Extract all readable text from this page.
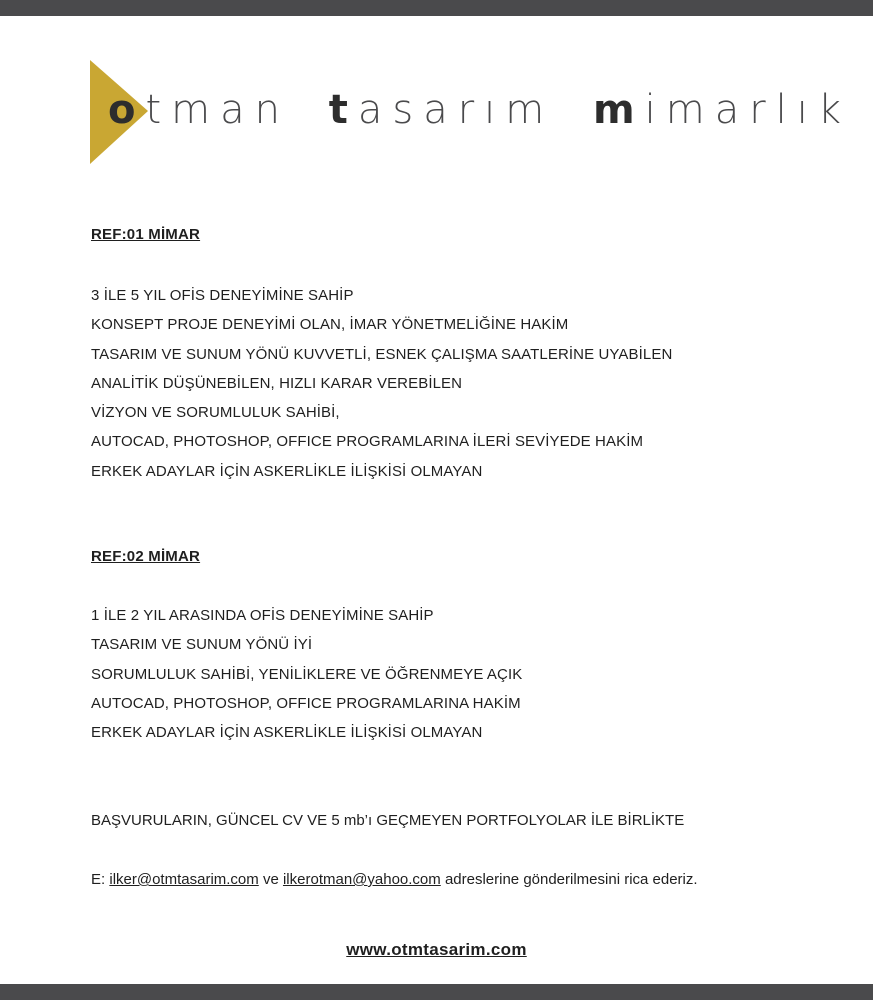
otman tasarım mimarlık
REF:01 MİMAR
3 İLE 5 YIL OFİS DENEYİMİNE SAHİP
KONSEPT PROJE DENEYİMİ OLAN, İMAR YÖNETMELİĞİNE HAKİM
TASARIM VE SUNUM YÖNÜ KUVVETLİ, ESNEK ÇALIŞMA SAATLERİNE UYABİLEN
ANALİTİK DÜŞÜNEBİLEN, HIZLI KARAR VEREBİLEN
VİZYON VE SORUMLULUK SAHİBİ,
AUTOCAD, PHOTOSHOP, OFFICE PROGRAMLARINA İLERİ SEVİYEDE HAKİM
ERKEK ADAYLAR İÇİN ASKERLİKLE İLİŞKİSİ OLMAYAN
REF:02 MİMAR
1 İLE 2 YIL ARASINDA OFİS DENEYİMİNE SAHİP
TASARIM VE SUNUM YÖNÜ İYİ
SORUMLULUK SAHİBİ, YENİLİKLERE VE ÖĞRENMEYE AÇIK
AUTOCAD, PHOTOSHOP, OFFICE PROGRAMLARINA HAKİM
ERKEK ADAYLAR İÇİN ASKERLİKLE İLİŞKİSİ OLMAYAN
BAŞVURULARIN, GÜNCEL CV VE 5 mb’ı GEÇMEYEN PORTFOLYOLAR İLE BİRLİKTE
E: ilker@otmtasarim.com ve ilkerotman@yahoo.com adreslerine gönderilmesini rica ederiz.
www.otmtasarim.com
